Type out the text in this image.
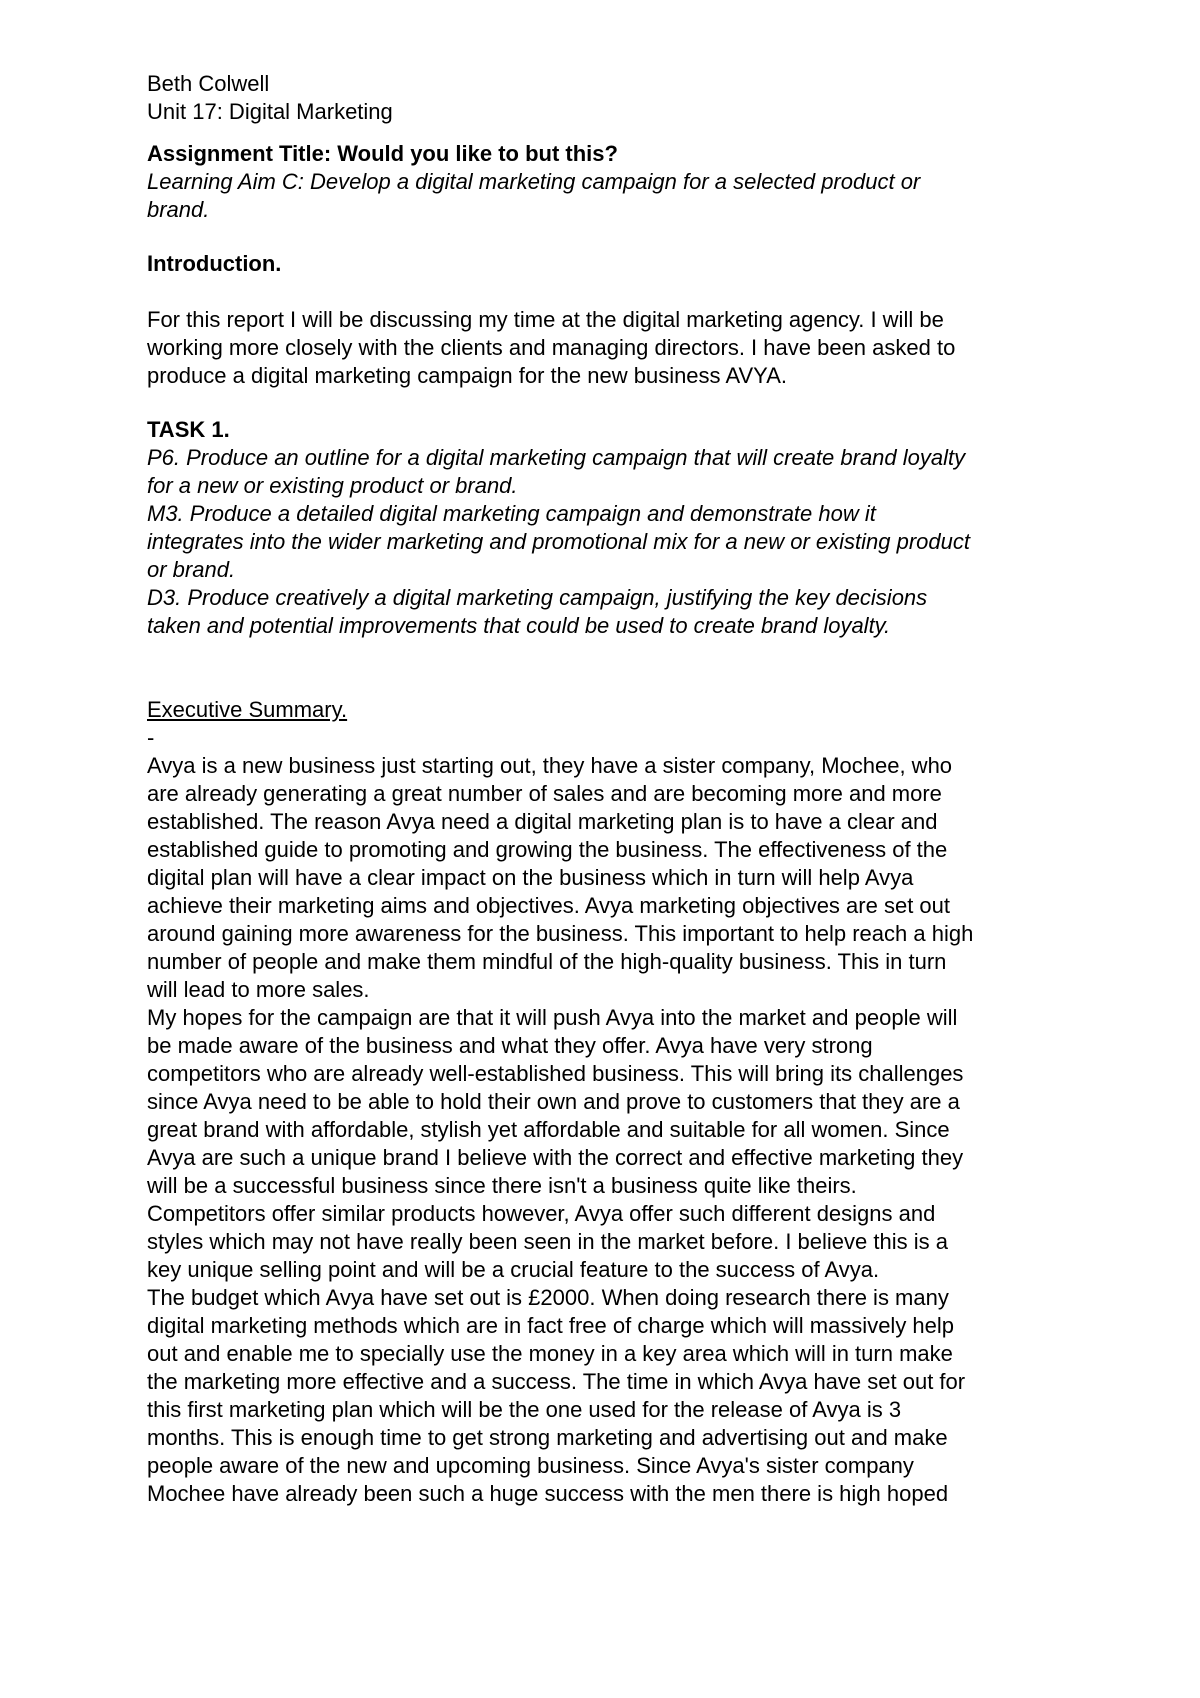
Beth Colwell
Unit 17: Digital Marketing
Assignment Title: Would you like to but this?
Learning Aim C: Develop a digital marketing campaign for a selected product or
brand.
Introduction.
For this report I will be discussing my time at the digital marketing agency. I will be
working more closely with the clients and managing directors. I have been asked to
produce a digital marketing campaign for the new business AVYA.
TASK 1.
P6. Produce an outline for a digital marketing campaign that will create brand loyalty
for a new or existing product or brand.
M3. Produce a detailed digital marketing campaign and demonstrate how it
integrates into the wider marketing and promotional mix for a new or existing product
or brand.
D3. Produce creatively a digital marketing campaign, justifying the key decisions
taken and potential improvements that could be used to create brand loyalty.
Executive Summary.
-
Avya is a new business just starting out, they have a sister company, Mochee, who
are already generating a great number of sales and are becoming more and more
established. The reason Avya need a digital marketing plan is to have a clear and
established guide to promoting and growing the business. The effectiveness of the
digital plan will have a clear impact on the business which in turn will help Avya
achieve their marketing aims and objectives. Avya marketing objectives are set out
around gaining more awareness for the business. This important to help reach a high
number of people and make them mindful of the high-quality business. This in turn
will lead to more sales.
My hopes for the campaign are that it will push Avya into the market and people will
be made aware of the business and what they offer. Avya have very strong
competitors who are already well-established business. This will bring its challenges
since Avya need to be able to hold their own and prove to customers that they are a
great brand with affordable, stylish yet affordable and suitable for all women. Since
Avya are such a unique brand I believe with the correct and effective marketing they
will be a successful business since there isn't a business quite like theirs.
Competitors offer similar products however, Avya offer such different designs and
styles which may not have really been seen in the market before. I believe this is a
key unique selling point and will be a crucial feature to the success of Avya.
The budget which Avya have set out is £2000. When doing research there is many
digital marketing methods which are in fact free of charge which will massively help
out and enable me to specially use the money in a key area which will in turn make
the marketing more effective and a success. The time in which Avya have set out for
this first marketing plan which will be the one used for the release of Avya is 3
months. This is enough time to get strong marketing and advertising out and make
people aware of the new and upcoming business. Since Avya's sister company
Mochee have already been such a huge success with the men there is high hoped
